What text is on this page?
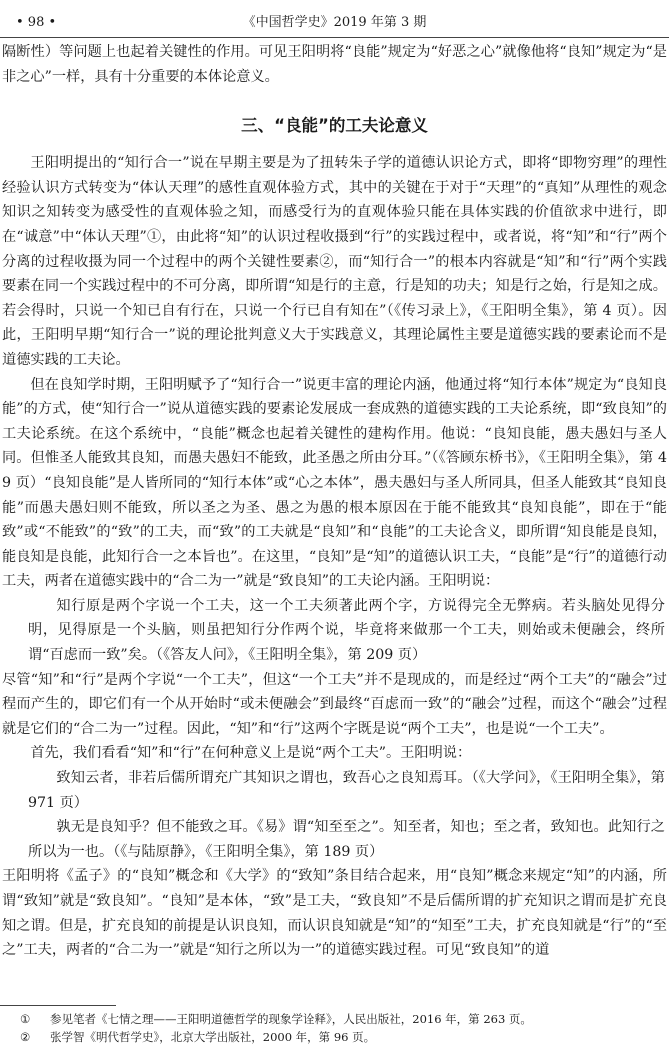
• 98 •	《中国哲学史》2019 年第 3 期

隔断性）等问题上也起着关键性的作用。可见王阳明将“良能”规定为“好恶之心”就像他将“良知”规定为“是非之心”一样，具有十分重要的本体论意义。

三、“良能”的工夫论意义

王阳明提出的“知行合一”说在早期主要是为了扭转朱子学的道德认识论方式，即将“即物穷理”的理性经验认识方式转变为“体认天理”的感性直观体验方式，其中的关键在于对于“天理”的“真知”从理性的观念知识之知转变为感受性的直观体验之知，而感受行为的直观体验只能在具体实践的价值欲求中进行，即在“诚意”中“体认天理”①，由此将“知”的认识过程收摄到“行”的实践过程中，或者说，将“知”和“行”两个分离的过程收摄为同一个过程中的两个关键性要素②，而“知行合一”的根本内容就是“知”和“行”两个实践要素在同一个实践过程中的不可分离，即所谓“知是行的主意，行是知的功夫；知是行之始，行是知之成。若会得时，只说一个知已自有行在，只说一个行已自有知在”（《传习录上》，《王阳明全集》，第 4 页）。因此，王阳明早期“知行合一”说的理论批判意义大于实践意义，其理论属性主要是道德实践的要素论而不是道德实践的工夫论。

但在良知学时期，王阳明赋予了“知行合一”说更丰富的理论内涵，他通过将“知行本体”规定为“良知良能”的方式，使“知行合一”说从道德实践的要素论发展成一套成熟的道德实践的工夫论系统，即“致良知”的工夫论系统。在这个系统中，“良能”概念也起着关键性的建构作用。他说：“良知良能，愚夫愚妇与圣人同。但惟圣人能致其良知，而愚夫愚妇不能致，此圣愚之所由分耳。”（《答顾东桥书》，《王阳明全集》，第 49 页）“良知良能”是人皆所同的“知行本体”或“心之本体”，愚夫愚妇与圣人所同具，但圣人能致其“良知良能”而愚夫愚妇则不能致，所以圣之为圣、愚之为愚的根本原因在于能不能致其“良知良能”，即在于“能致”或“不能致”的“致”的工夫，而“致”的工夫就是“良知”和“良能”的工夫论含义，即所谓“知良能是良知，能良知是良能，此知行合一之本旨也”。在这里，“良知”是“知”的道德认识工夫，“良能”是“行”的道德行动工夫，两者在道德实践中的“合二为一”就是“致良知”的工夫论内涵。王阳明说：

知行原是两个字说一个工夫，这一个工夫须著此两个字，方说得完全无弊病。若头脑处见得分明，见得原是一个头脑，则虽把知行分作两个说，毕竟将来做那一个工夫，则始或未便融会，终所谓“百虑而一致”矣。（《答友人问》，《王阳明全集》，第 209 页）

尽管“知”和“行”是两个字说“一个工夫”，但这“一个工夫”并不是现成的，而是经过“两个工夫”的“融会”过程而产生的，即它们有一个从开始时“或未便融会”到最终“百虑而一致”的“融会”过程，而这个“融会”过程就是它们的“合二为一”过程。因此，“知”和“行”这两个字既是说“两个工夫”，也是说“一个工夫”。

首先，我们看看“知”和“行”在何种意义上是说“两个工夫”。王阳明说：

致知云者，非若后儒所谓充广其知识之谓也，致吾心之良知焉耳。（《大学问》，《王阳明全集》，第 971 页）

孰无是良知乎？但不能致之耳。《易》谓“知至至之”。知至者，知也；至之者，致知也。此知行之所以为一也。（《与陆原静》，《王阳明全集》，第 189 页）

王阳明将《孟子》的“良知”概念和《大学》的“致知”条目结合起来，用“良知”概念来规定“知”的内涵，所谓“致知”就是“致良知”。“良知”是本体，“致”是工夫，“致良知”不是后儒所谓的扩充知识之谓而是扩充良知之谓。但是，扩充良知的前提是认识良知，而认识良知就是“知”的“知至”工夫，扩充良知就是“行”的“至之”工夫，两者的“合二为一”就是“知行之所以为一”的道德实践过程。可见“致良知”的道

①	参见笔者《七情之理——王阳明道德哲学的现象学诠释》，人民出版社，2016 年，第 263 页。
②	张学智《明代哲学史》，北京大学出版社，2000 年，第 96 页。
